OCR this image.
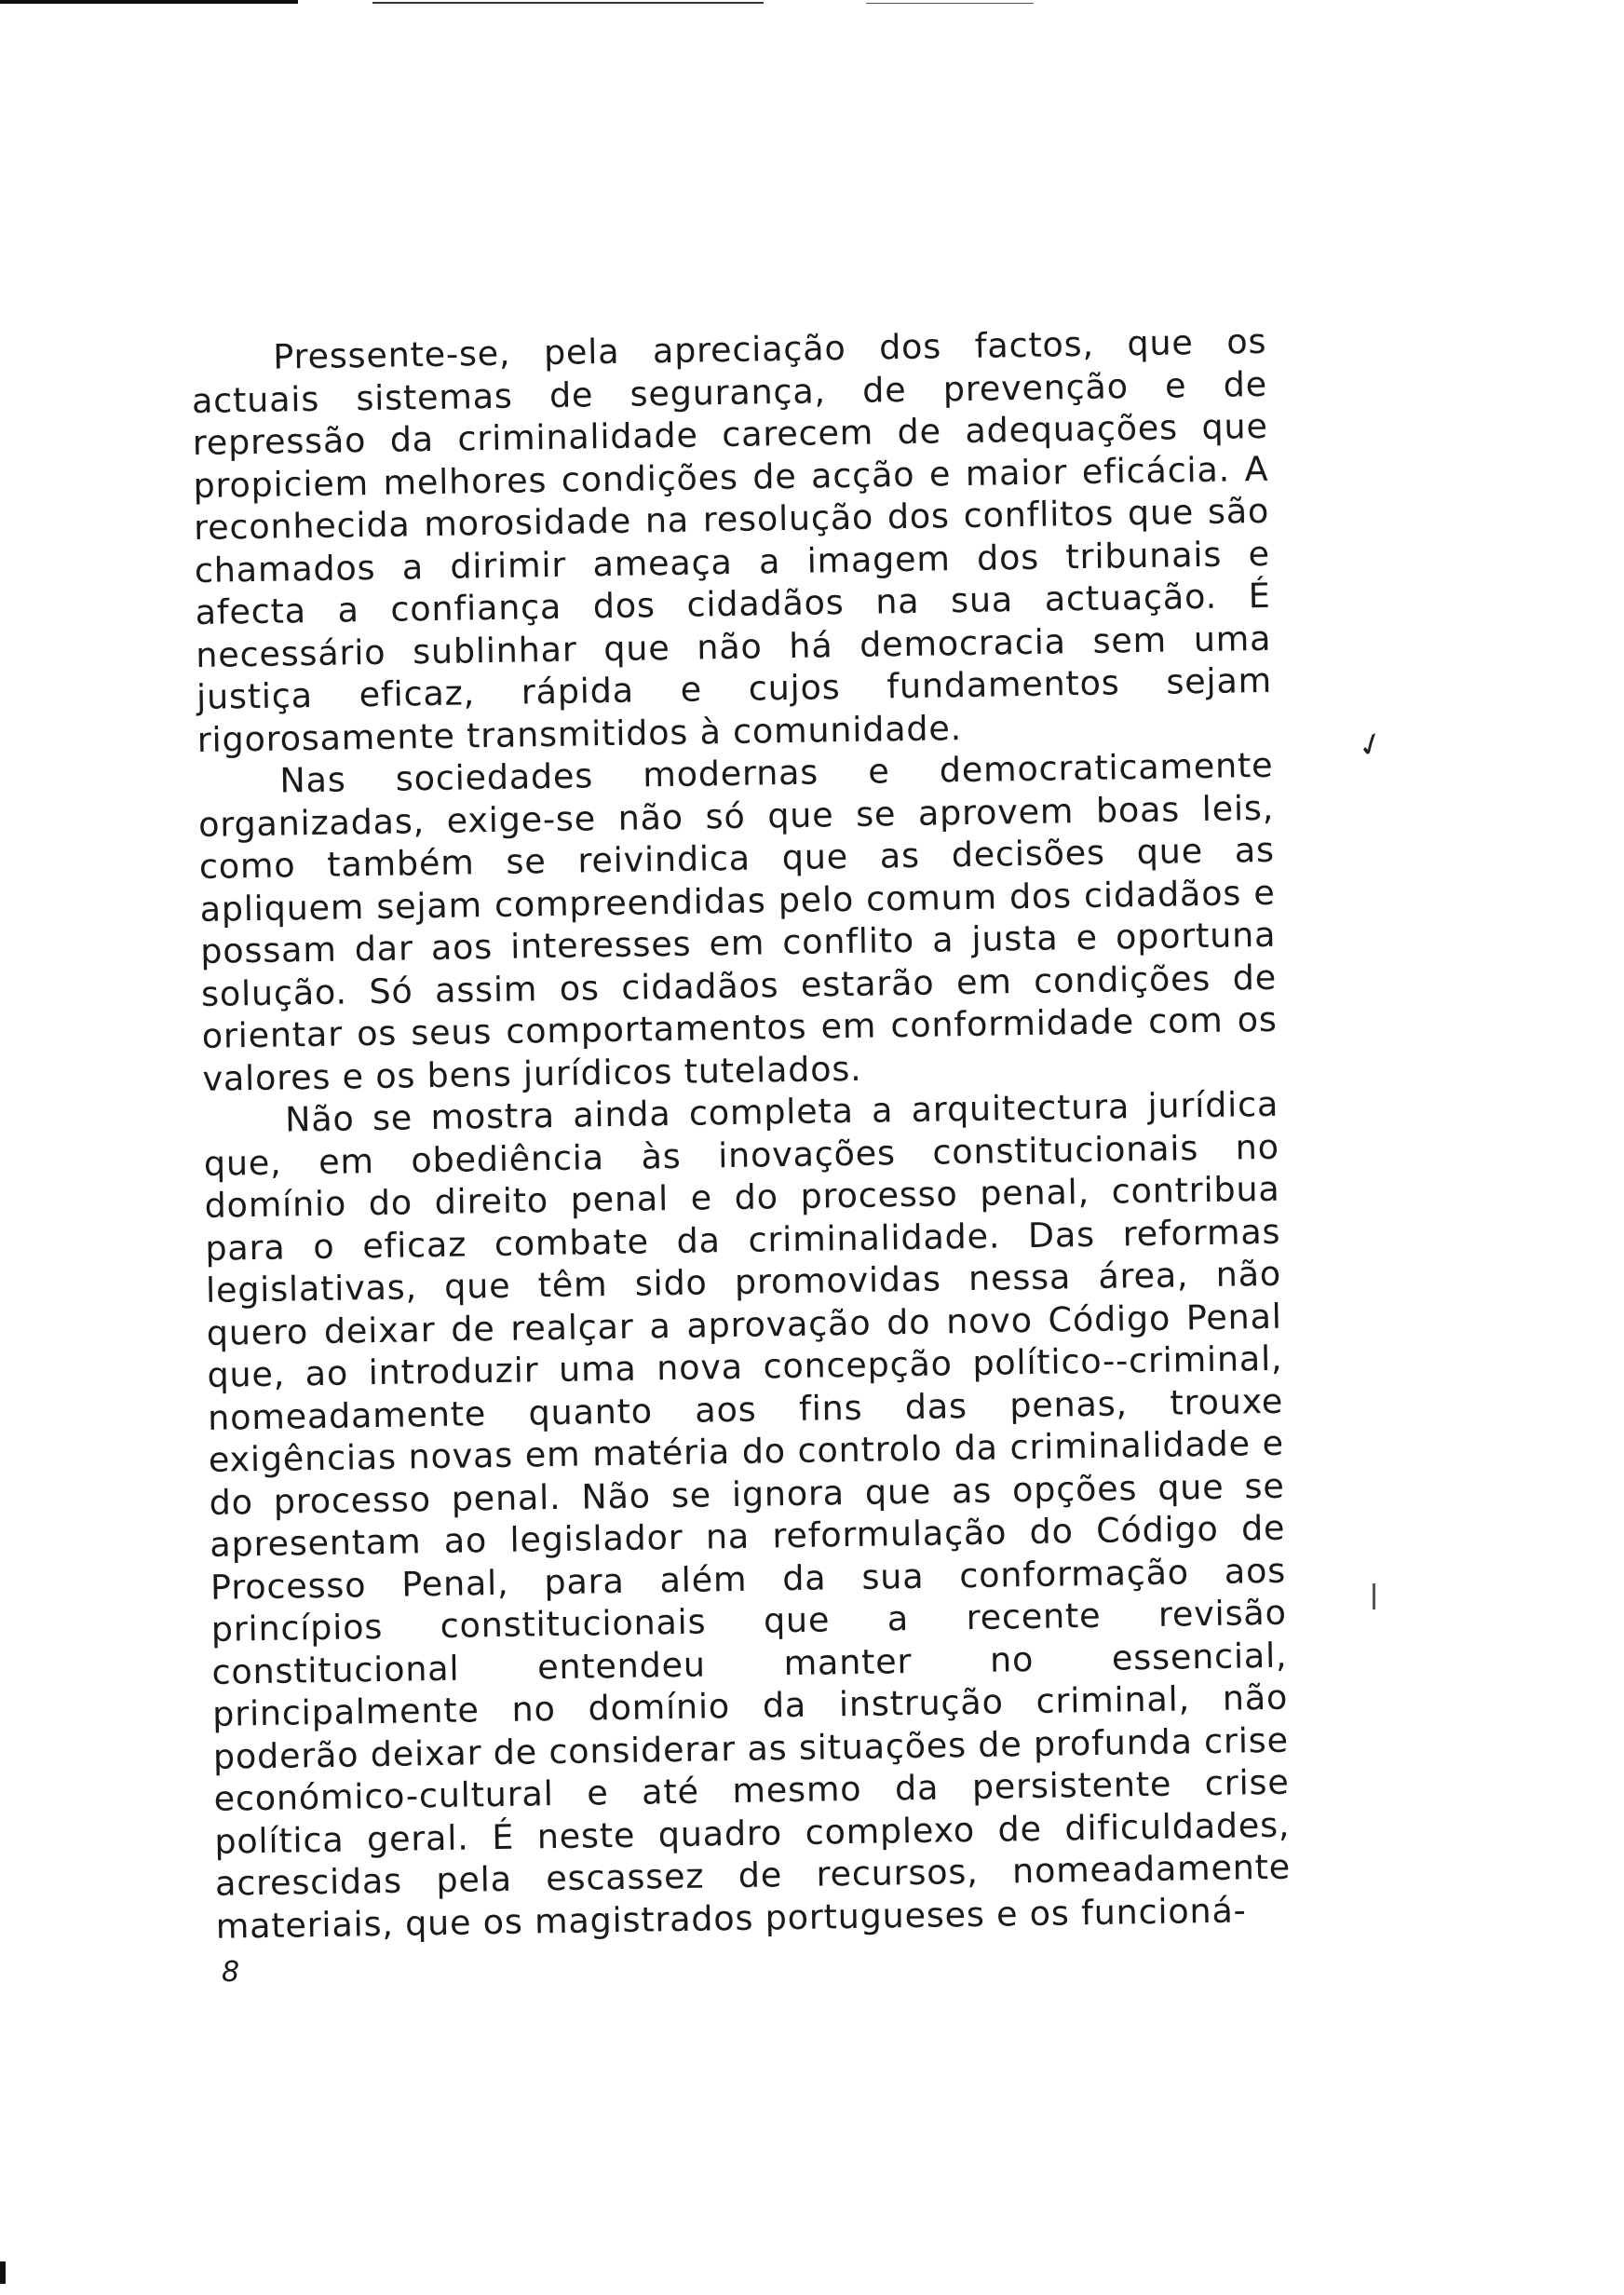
Pressente-se, pela apreciação dos factos, que os actuais sistemas de segurança, de prevenção e de repressão da criminalidade carecem de adequações que propiciem melhores condições de acção e maior eficácia. A reconhecida morosidade na resolução dos conflitos que são chamados a dirimir ameaça a imagem dos tribunais e afecta a confiança dos cidadãos na sua actuação. É necessário sublinhar que não há democracia sem uma justiça eficaz, rápida e cujos fundamentos sejam rigorosamente transmitidos à comunidade.

Nas sociedades modernas e democraticamente organizadas, exige-se não só que se aprovem boas leis, como também se reivindica que as decisões que as apliquem sejam compreendidas pelo comum dos cidadãos e possam dar aos interesses em conflito a justa e oportuna solução. Só assim os cidadãos estarão em condições de orientar os seus comportamentos em conformidade com os valores e os bens jurídicos tutelados.

Não se mostra ainda completa a arquitectura jurídica que, em obediência às inovações constitucionais no domínio do direito penal e do processo penal, contribua para o eficaz combate da criminalidade. Das reformas legislativas, que têm sido promovidas nessa área, não quero deixar de realçar a aprovação do novo Código Penal que, ao introduzir uma nova concepção político--criminal, nomeadamente quanto aos fins das penas, trouxe exigências novas em matéria do controlo da criminalidade e do processo penal. Não se ignora que as opções que se apresentam ao legislador na reformulação do Código de Processo Penal, para além da sua conformação aos princípios constitucionais que a recente revisão constitucional entendeu manter no essencial, principalmente no domínio da instrução criminal, não poderão deixar de considerar as situações de profunda crise económico-cultural e até mesmo da persistente crise política geral. É neste quadro complexo de dificuldades, acrescidas pela escassez de recursos, nomeadamente materiais, que os magistrados portugueses e os funcioná-

✓
8
